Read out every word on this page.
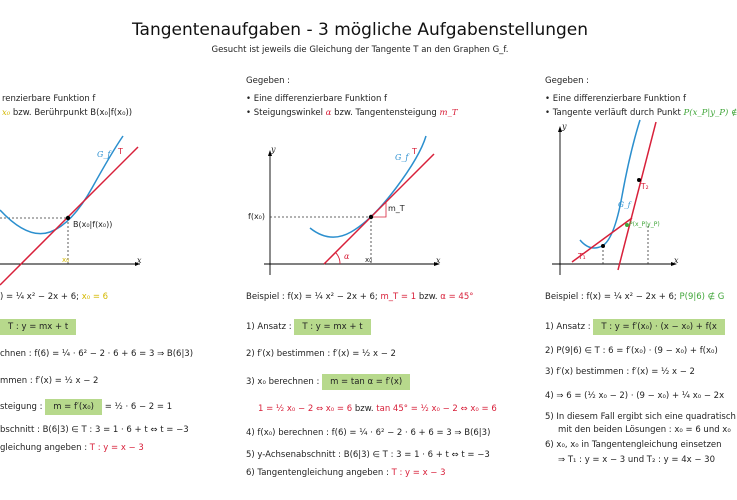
Tangentenaufgaben - 3 mögliche Aufgabenstellungen
Gesucht ist jeweils die Gleichung der Tangente T an den Graphen G_f.
renzierbare Funktion f
x₀ bzw. Berührpunkt B(x₀|f(x₀))
G_f T
B(x₀|f(x₀))
x₀	x
) = ¼ x² − 2x + 6; x₀ = 6
T : y = mx + t
chnen : f(6) = ¼ · 6² − 2 · 6 + 6 = 3 ⇒ B(6|3)
mmen : f′(x) = ½ x − 2
steigung : m = f′(x₀) = ½ · 6 − 2 = 1
bschnitt : B(6|3) ∈ T : 3 = 1 · 6 + t ⇔ t = −3
gleichung angeben : T : y = x − 3
Gegeben :
• Eine differenzierbare Funktion f
• Steigungswinkel α bzw. Tangentensteigung m_T
y
G_f
T
m_T
f(x₀)
α x₀	x
Beispiel : f(x) = ¼ x² − 2x + 6; m_T = 1 bzw. α = 45°
1) Ansatz : T : y = mx + t
2) f′(x) bestimmen : f′(x) = ½ x − 2
3) x₀ berechnen : m = tan α = f′(x)
1 = ½ x₀ − 2 ⇔ x₀ = 6 bzw. tan 45° = ½ x₀ − 2 ⇔ x₀ = 6
4) f(x₀) berechnen : f(6) = ¼ · 6² − 2 · 6 + 6 = 3 ⇒ B(6|3)
5) y-Achsenabschnitt : B(6|3) ∈ T : 3 = 1 · 6 + t ⇔ t = −3
6) Tangentengleichung angeben : T : y = x − 3
Gegeben :
• Eine differenzierbare Funktion f
• Tangente verläuft durch Punkt P(x_P|y_P) ∉
y
G_f
T₂
T₁
P(x_P|y_P)
x
Beispiel : f(x) = ¼ x² − 2x + 6; P(9|6) ∉ G
1) Ansatz : T : y = f′(x₀) · (x − x₀) + f(x
2) P(9|6) ∈ T : 6 = f′(x₀) · (9 − x₀) + f(x₀)
3) f′(x) bestimmen : f′(x) = ½ x − 2
4) ⇒ 6 = (½ x₀ − 2) · (9 − x₀) + ¼ x₀ − 2x
5) In diesem Fall ergibt sich eine quadratisch
mit den beiden Lösungen : x₀ = 6 und x₀
6) x₀, x₀ in Tangentengleichung einsetzen
⇒ T₁ : y = x − 3 und T₂ : y = 4x − 30
